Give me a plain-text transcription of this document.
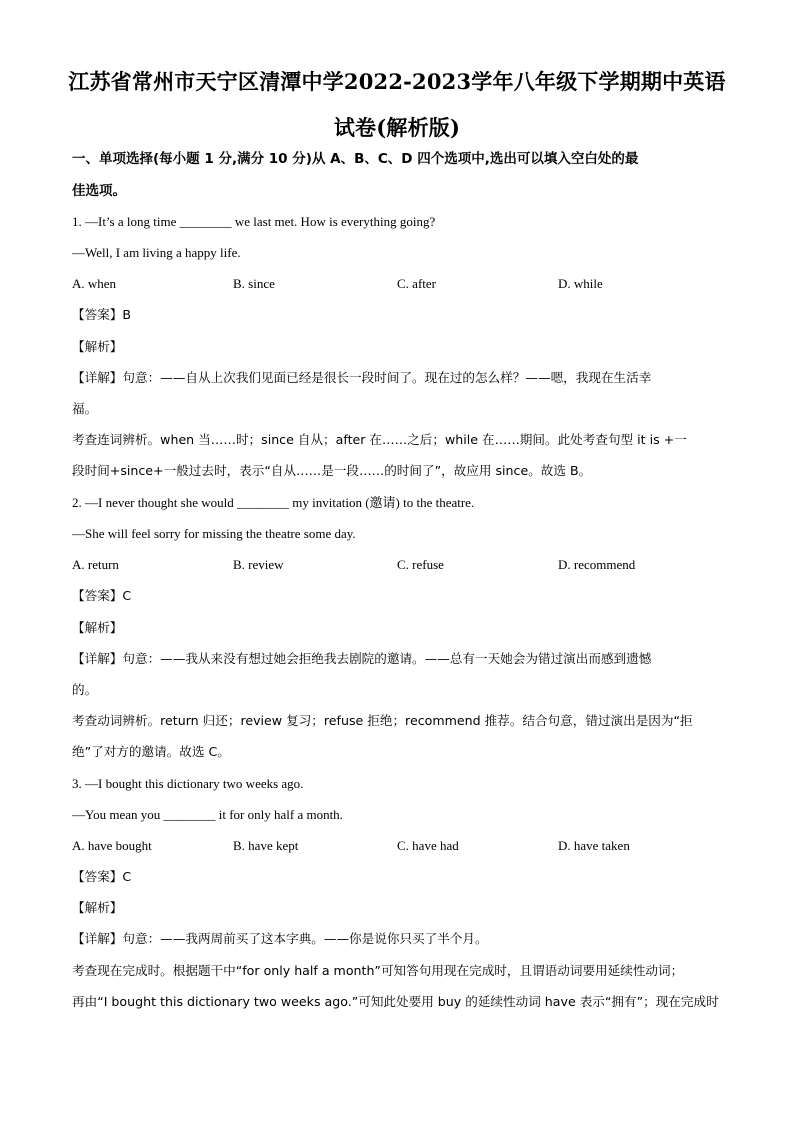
江苏省常州市天宁区清潭中学2022-2023学年八年级下学期期中英语
试卷(解析版)
一、单项选择(每小题 1 分,满分 10 分)从 A、B、C、D 四个选项中,选出可以填入空白处的最
佳选项。
1. —It’s a long time ________ we last met. How is everything going?
—Well, I am living a happy life.
A. when	B. since	C. after	D. while
【答案】B
【解析】
【详解】句意：——自从上次我们见面已经是很长一段时间了。现在过的怎么样？——嗯，我现在生活幸
福。
考查连词辨析。when 当……时；since 自从；after 在……之后；while 在……期间。此处考查句型 it is +一
段时间+since+一般过去时，表示“自从……是一段……的时间了”，故应用 since。故选 B。
2. —I never thought she would ________ my invitation (邀请) to the theatre.
—She will feel sorry for missing the theatre some day.
A. return	B. review	C. refuse	D. recommend
【答案】C
【解析】
【详解】句意：——我从来没有想过她会拒绝我去剧院的邀请。——总有一天她会为错过演出而感到遗憾
的。
考查动词辨析。return 归还；review 复习；refuse 拒绝；recommend 推荐。结合句意，错过演出是因为“拒
绝”了对方的邀请。故选 C。
3. —I bought this dictionary two weeks ago.
—You mean you ________ it for only half a month.
A. have bought	B. have kept	C. have had	D. have taken
【答案】C
【解析】
【详解】句意：——我两周前买了这本字典。——你是说你只买了半个月。
考查现在完成时。根据题干中“for only half a month”可知答句用现在完成时，且谓语动词要用延续性动词；
再由“I bought this dictionary two weeks ago.”可知此处要用 buy 的延续性动词 have 表示“拥有”；现在完成时
